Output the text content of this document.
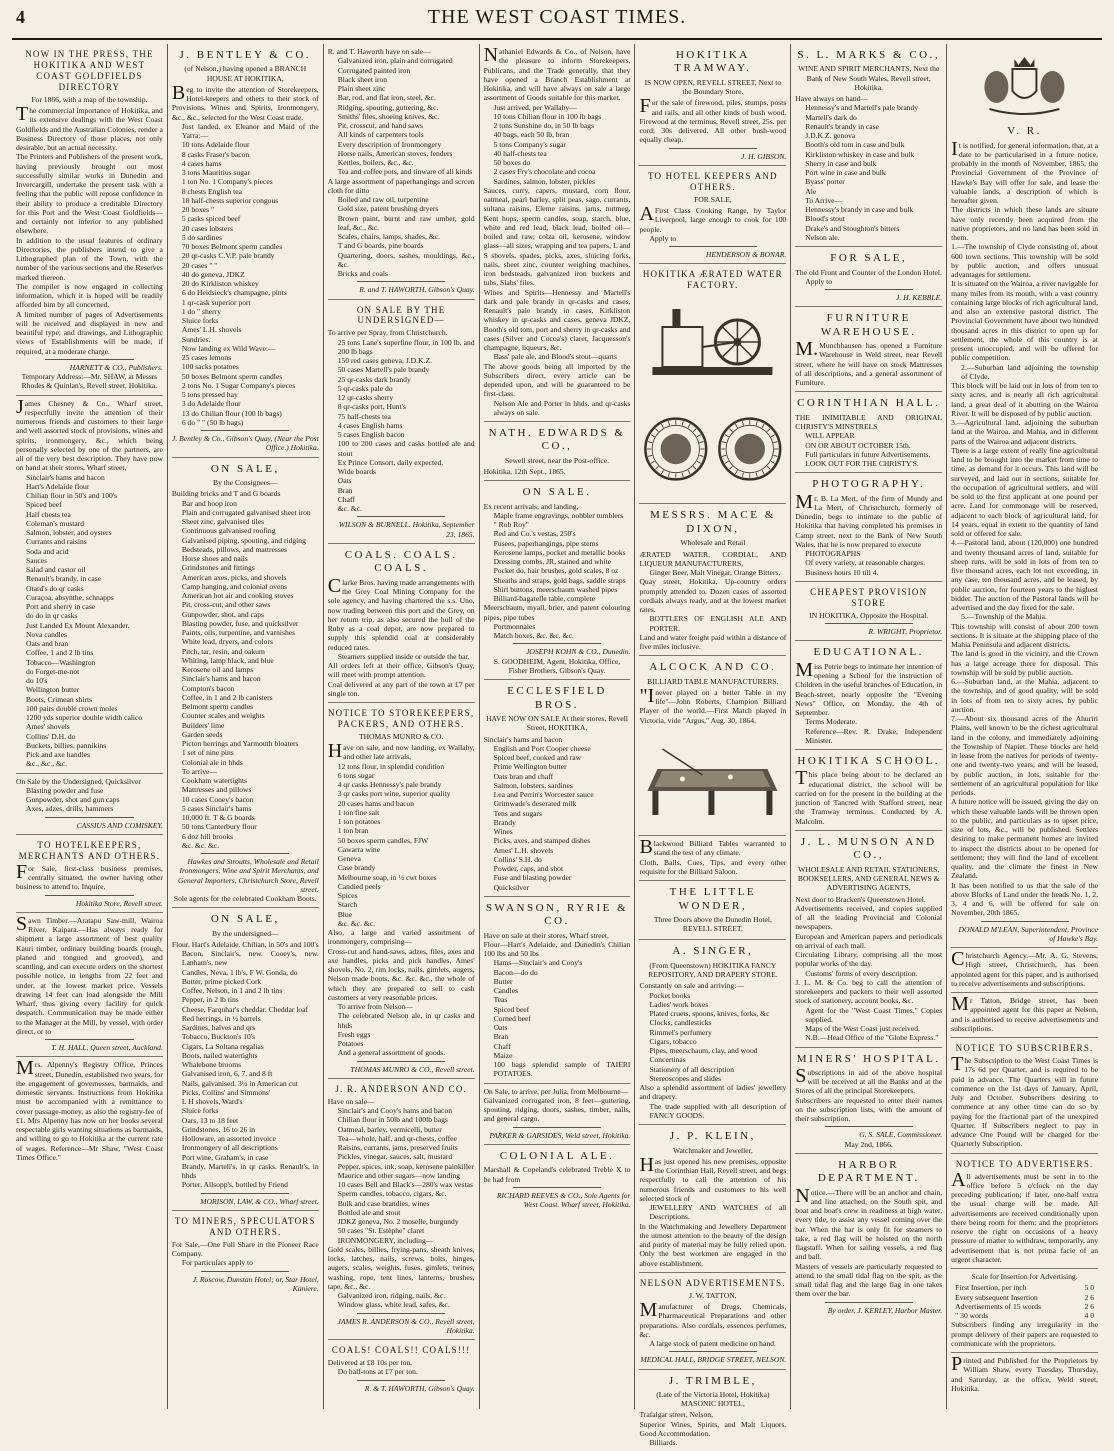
4	THE WEST COAST TIMES.
NOW IN THE PRESS, THE HOKITIKA AND WEST COAST GOLDFIELDS DIRECTORY
For 1866, with a map of the township.
The commercial importance of Hokitika, and its extensive dealings with the West Coast Goldfields and the Australian Colonies, render a Business Directory of those places, not only desirable, but an actual necessity.
The Printers and Publishers of the present work, having previously brought out most successfully similar works in Dunedin and Invercargill, undertake the present task with a feeling that the public will repose confidence in their ability to produce a creditable Directory for this Port and the West Coast Goldfields—and certainly not inferior to any published elsewhere.
In addition to the usual features of ordinary Directories, the publishers intend to give a Lithographed plan of the Town, with the number of the various sections and the Reserves marked thereon.
The compiler is now engaged in collecting information, which it is hoped will be readily afforded him by all concerned.
A limited number of pages of Advertisements will be received and displayed in new and beautiful type; and drawings, and Lithographic views of Establishments will be made, if required, at a moderate charge.
HARNETT & CO., Publishers.
Temporary Address:—Mr. SHAW, at Messrs Rhodes & Quinlan's, Revell street, Hokitika.
James Chesney & Co., Wharf street, respectfully invite the attention of their numerous friends and customers to their large and well assorted stock of provisions, wines and spirits, ironmongery, &c., which being personally selected by one of the partners, are all of the very best description. They have now on hand at their stores, Wharf street,
Sinclair's hams and bacon
Hart's Adelaide flour
Chilian flour in 50's and 100's
Spiced beef
Half chests tea
Coleman's mustard
Salmon, lobster, and oysters
Currants and raisins
Soda and acid
Sauces
Salad and castor oil
Renault's brandy, in case
Otard's do qr casks
Curaçoa, absynthe, schnapps
Port and sherry in case
do do in qr casks
Just Landed Ex Mount Alexander.
Nova candles
Oats and bran
Coffee, 1 and 2 lb tins
Tobacco—Washington
do Forget-me-not
do 10's
Wellington butter
Boots, Crimean shirts
100 pairs double crown moles
1200 yds superior double width calico
Ames' shovels
Collins' D.H. do
Buckets, billies, pannikins
Pick and axe handles
&c., &c., &c.
On Sale by the Undersigned, Quicksilver
Blasting powder and fuse
Gunpowder, shot and gun caps
Axes, adzes, drills, hammers
CASSIUS AND COMISKEY.
TO HOTELKEEPERS, MERCHANTS AND OTHERS.
For Sale, first-class business premises, centrally situated, the owner having other business to attend to. Inquire,
Hokitika Store, Revell street.
Sawn Timber.—Aratapu Saw-mill, Wairoa River, Kaipara.—Has always ready for shipment a large assortment of best quality Kauri timber, ordinary building boards (rough, planed and tongued and grooved), and scantling, and can execute orders on the shortest possible notice, in lengths from 22 feet and under, at the lowest market price. Vessels drawing 14 feet can load alongside the Mill Wharf, thus giving every facility for quick despatch. Communication may be made either to the Manager at the Mill, by vessel, with order direct, or to
T. H. HALL, Queen street, Auckland.
Mrs. Alpenny's Registry Office, Princes street, Dunedin, established two years, for the engagement of governesses, barmaids, and domestic servants. Instructions from Hokitika must be accompanied with a remittance to cover passage-money, as also the registry-fee of £1. Mrs Alpenny has now on her books several respectable girls wanting situations as barmaids, and willing to go to Hokitika at the current rate of wages. Reference—Mr Shaw, "West Coast Times Office."
J. BENTLEY & CO.
(of Nelson,) having opened a BRANCH HOUSE AT HOKITIKA,
Beg to invite the attention of Storekeepers, Hotel-keepers and others to their stock of Provisions, Wines and Spirits, Ironmongery, &c., &c., selected for the West Coast trade.
Just landed, ex Eleanor and Maid of the Yarra:—
10 tons Adelaide flour
8 casks Fraser's bacon
4 cases hams
3 tons Mauritius sugar
1 ton No. 1 Company's pieces
8 chests English tea
18 half-chests superior congous
20 boxes "
5 casks spiced beef
20 cases lobsters
5 do sardines
70 boxes Belmont sperm candles
20 qr-casks C.V.P. pale brandy
20 cases " "
40 do geneva, JDKZ
20 do Kirkliston whiskey
6 do Heidsieck's champagne, pints
1 qr-cask superior port
1 do " sherry
Sluice forks
Ames' L.H. shovels
Sundries.
Now landing ex Wild Wave:—
25 cases lemons
100 sacks potatoes
50 boxes Belmont sperm candles
2 tons No. 1 Sugar Company's pieces
5 tons pressed hay
3 do Adelaide flour
13 do Chilian flour (100 lb bags)
6 do " " (50 lb bags)
J. Bentley & Co., Gibson's Quay, (Near the Post Office.) Hokitika.
ON SALE,
By the Consignees—
Building bricks and T and G boards
Bar and hoop iron
Plain and corrugated galvanised sheet iron
Sheet zinc, galvanised tiles
Continuous galvanised roofing
Galvanised piping, spouting, and ridging
Bedsteads, pillows, and mattresses
Horse shoes and nails
Grindstones and fittings
American axes, picks, and shovels
Camp hanging, and colonial ovens
American hot air and cooking stoves
Pit, cross-cut, and other saws
Gunpowder, shot, and caps
Blasting powder, fuse, and quicksilver
Paints, oils, turpentine, and varnishes
White lead, dryers, and colors
Pitch, tar, resin, and oakum
Whiting, lamp black, and blue
Kerosene oil and lamps
Sinclair's hams and bacon
Compton's bacon
Coffee, in 1 and 2 lb canisters
Belmont sperm candles
Counter scales and weights
Builders' lime
Garden seeds
Picton herrings and Yarmouth bloaters
1 set of nine pins
Colonial ale in hhds
To arrive—
Cookham watertights
Mattresses and pillows
10 cases Cooey's bacon
5 cases Sinclair's hams
10,000 ft. T & G boards
50 tons Canterbury flour
6 doz hill brooks
&c. &c. &c.
Hawkes and Stroutts, Wholesale and Retail Ironmongers, Wine and Spirit Merchants, and General Importers, Christchurch Store, Revell street.
Sole agents for the celebrated Cookham Boots.
ON SALE,
By the undersigned—
Flour, Hart's Adelaide. Chilian, in 50's and 100's
Bacon, Sinclair's, new. Cooey's, new. Lanham's, new
Candles, Neva, 1 lb's, F W. Gonda, do
Butter, prime picked Cork
Coffee, Nelson, in 1 and 2 lb tins
Pepper, in 2 lb tins
Cheese, Farquhar's cheddar. Cheddar loaf
Red herrings, in ½ barrels
Sardines, halves and qrs
Tobacco, Buckton's 10's
Cigars, La Soltana regalias
Boots, nailed watertights
Whalebone brooms
Galvanised iron, 6, 7, and 8 ft
Nails, galvanised. 3½ in American cut
Picks, Collins' and Simmons'
L H shovels, Ward's
Sluice forks
Oars, 13 to 18 feet
Grindstones, 16 to 26 in
Holloware, an assorted invoice
Ironmongery of all descriptions
Port wine, Graham's, in case
Brandy, Martell's, in qr casks. Renault's, in hhds
Porter, Allsopp's, bottled by Friend
MORISON, LAW, & CO., Wharf street.
TO MINERS, SPECULATORS AND OTHERS.
For Sale,—One Full Share in the Pioneer Race Company.
For particulars apply to
J. Roscow, Dunstan Hotel; or, Star Hotel, Kaniere.
R. and T. Haworth have on sale—
Galvanized iron, plain and corrugated
Corrugated painted iron
Black sheet iron
Plain sheet zinc
Bar, rod, and flat iron, steel, &c.
Ridging, spouting, guttering, &c.
Smiths' files, shoeing knives, &c.
Pit, crosscut, and hand saws
All kinds of carpenters tools
Every description of Ironmongery
Horse nails, American stoves, fenders
Kettles, boilers, &c., &c.
Tea and coffee pots, and tinware of all kinds
A large assortment of paperhangings and scrcen cloth for ditto
Boiled and raw oil, turpentine
Gold size, patent brushing dryers
Brown paint, burnt and raw umber, gold leaf, &c., &c.
Scales, chairs, lamps, shades, &c.
T and G boards, pine boards
Quartering, doors, sashes, mouldings, &c., &c.
Bricks and coals
R. and T. HAWORTH, Gibson's Quay.
ON SALE BY THE UNDERSIGNED—
To arrive per Spray, from Christchurch.
25 tons Lane's superfine flour, in 100 lb. and 200 lb bags
150 red cases geneva, J.D.K.Z.
50 cases Martell's pale brandy
25 qr-casks dark brandy
5 qr-casks pale do
12 qr-casks sherry
8 qr-casks port, Hunt's
75 half-chests tea
4 cases English hams
5 cases English bacon
100 to 200 cases and casks bottled ale and stout
Ex Prince Consort, daily expected.
Wide boards
Oats
Bran
Chaff
&c. &c.
WILSON & BURNELL. Hokitika, September 23, 1865.
COALS. COALS. COALS.
Clarke Bros. having made arrangements with the Grey Coal Mining Company for the sole agency, and having chartered the s.s. Uno, now trading between this port and the Grey, on her return trip, as also secured the hull of the Ruby as a coal depot, are now prepared to supply this splendid coal at considerably reduced rates.
Steamers supplied inside or outside the bar.
All orders left at their office, Gibson's Quay, will meet with prompt attention.
Coal delivered at any part of the town at £7 per single ton.
NOTICE TO STOREKEEPERS, PACKERS, AND OTHERS.
THOMAS MUNRO & CO.
Have on sale, and now landing, ex Wallaby, and other late arrivals,
12 tons flour, in splendid condition
6 tons sugar
4 qr casks Hennessy's pale brandy
3 qr casks port wine, superior quality
20 cases hams and bacon
1 ton fine salt
1 ton potatoes
1 ton bran
50 boxes sperm candles, FJW
Cawarra wine
Geneva
Case brandy
Melbourne soap, in ½ cwt boxes
Candied peels
Spices
Starch
Blue
&c. &c. &c.
Also, a large and varied assortment of ironmongery, comprising—
Cross-cut and hand-saws, adzes, files, axes and axe handles, picks and pick handles, Ames' shovels, No. 2, rim locks, nails, gimlets, augers, Nelson made boots, &c. &c. &c., the whole of which they are prepared to sell to cash customers at very reasonable prices.
To arrive from Nelson—
The celebrated Nelson ale, in qr casks and hhds
Fresh eggs
Potatoes
And a general assortment of goods.
THOMAS MUNRO & CO., Revell street.
J. R. ANDERSON AND CO.
Have on sale—
Sinclair's and Cooy's hams and bacon
Chilian flour in 50lb and 100lb bags
Oatmeal, barley, vermicelli, butter
Tea—whole, half, and qr-chests, coffee
Raisins, currants, jams, preserved fruits
Pickles, vinegar, sauces, salt, mustard
Pepper, spices, ink, soap, kerosene painkiller
Maurice and other sugars—now landing
10 cases Bell and Black's—280's wax vestas
Sperm candles, tobacco, cigars, &c.
Bulk and case brandies, wines
Bottled ale and stout
JDKZ geneva, No. 2 moselle, burgundy
50 cases "St. Estèphe" claret
IRONMONGERY, including—
Gold scales, billies, frying-pans, sheath knives, locks, latches, nails, screws, bolts, hinges, augers, scales, weights, fuses, gimlets, twines, washing, rope, tent lines, lanterns, brushes, tape, &c., &c.
Galvanized iron, ridging, nails, &c.
Window glass, white lead, safes, &c.
JAMES R. ANDERSON & CO., Revell street, Hokitika.
COALS! COALS!! COALS!!!
Delivered at £8 10s per ton.
Do half-tons at £7 per ton.
R. & T. HAWORTH, Gibson's Quay.
Nathaniel Edwards & Co., of Nelson, have the pleasure to inform Storekeepers, Publicans, and the Trade generally, that they have opened a Branch Establishment at Hokitika, and will have always on sale a large assortment of Goods suitable for this market.
Just arrived, per Wallaby—
10 tons Chilian flour in 100 lb bags
2 tons Sunshine do, in 50 lb bags
40 bags, each 50 lb, bran
5 tons Company's sugar
40 half-chests tea
50 boxes do
2 cases Fry's chocolate and cocoa
Sardines, salmon, lobster, pickles
Sauces, curry, capers, mustard, corn flour, oatmeal, pearl barley, split peas, sago, currants, sultana raisins, Eleme raisins, jams, nutmeg, Kent hops, sperm candles, soap, starch, blue, white and red lead, black lead, boiled oil—boiled and raw, colza oil, kerosene, window glass—all sizes, wrapping and tea papers, L and S shovels, spades, picks, axes, sluicing forks, nails, sheet zinc, counter weighing machines, iron bedsteads, galvanized iron buckets and tubs, Slabs' files.
Wines and Spirits—Hennessy and Martell's dark and pale brandy in qr-casks and cases, Renault's pale brandy in cases, Kirkliston whiskey in qr-casks and cases, geneva JDKZ, Booth's old tom, port and sherry in qr-casks and cases (Silver and Cocoa's) claret, Jacquesson's champagne, liqueurs, &c.
Bass' pale ale, and Blood's stout—quarts
The above goods being all imported by the Subscribers direct, every article can be depended upon, and will be guaranteed to be first-class.
Nelson Ale and Porter in hhds. and qr-casks always on sale.
NATH. EDWARDS & CO.,
Sewell street, near the Post-office.
Hokitika, 12th Sept., 1865.
ON SALE.
Ex recent arrivals, and landing,
Maple frame engravings, nobbler tumblers
" Rob Roy"
Red and Co.'s vestas, 250's
Fusees, paperhangings, pipe stems
Kerosene lamps, pocket and metallic books
Dressing combs, JR, stained and white
Pocket do, hair brushes, gold scales, 8 oz
Sheaths and straps, gold bags, saddle straps
Shirt buttons, meerschaum washed pipes
Billiard-bagatelle table, complete
Meerschaum, myall, brier, and patent colouring pipes, pipe tubes
Portmonnaies
Match boxes, &c. &c. &c.
JOSEPH KOHN & CO., Dunedin.
S. GOODHEIM, Agent, Hokitika, Office, Fisher Brothers, Gibson's Quay.
ECCLESFIELD BROS.
HAVE NOW ON SALE At their stores, Revell Street, HOKITIKA,
Sinclair's hams and bacon
English and Port Cooper cheese
Spiced beef, cooked and raw
Prime Wellington butter
Oats bran and chaff
Salmon, lobsters, sardines
Lea and Perrin's Worcester sauce
Grimwade's deserated milk
Tens and sugars
Brandy
Wines
Picks, axes, and stamped dishes
Ames' L.H. shovels
Collins' S.H. do
Powder, caps, and shot
Fuse and blasting powder
Quicksilver
SWANSON, RYRIE & CO.
Have on sale at their stores, Wharf street,
Flour—Hart's Adelaide, and Dunedin's Chilian 100 lbs and 50 lbs
Hams—Sinclair's and Cooy's
Bacon—do do
Butter
Candles
Teas
Spiced beef
Corned beef
Oats
Bran
Chaff
Maize
100 bags splendid sample of TAIERI POTATOES.
On Sale, to arrive, per Julia, from Melbourne—
Galvanized corrugated iron, 8 feet—guttering, spouting, ridging, doors, sashes, timber, nails, and general cargo.
PARKER & GARSIDES, Weld street, Hokitika.
COLONIAL ALE.
Marshall & Copeland's celebrated Treble X to be had from
RICHARD REEVES & CO., Sole Agents for West Coast. Wharf street, Hokitika.
HOKITIKA TRAMWAY.
IS NOW OPEN, REVELL STREET, Next to the Boundary Store.
For the sale of firewood, piles, stumps, posts and rails, and all other kinds of bush wood. Firewood at the terminus, Revell street, 25s. per cord; 30s delivered. All other bush-wood equally cheap.
J. H. GIBSON.
TO HOTEL KEEPERS AND OTHERS.
FOR SALE,
AFirst Class Cooking Range, by Taylor Liverpool, large enough to cook for 100 people.
Apply to
HENDERSON & BONAR.
HOKITIKA ÆRATED WATER FACTORY.
MESSRS. MACE & DIXON,
Wholesale and Retail
ÆRATED WATER, CORDIAL, AND LIQUEUR MANUFACTURERS,
Ginger Beer, Malt Vinegar, Orange Bitters,
Quay street, Hokitika, Up-country orders promptly attended to. Dozen cases of assorted cordials always ready, and at the lowest market rates.
BOTTLERS OF ENGLISH ALE AND PORTER.
Land and water freight paid within a distance of five miles inclusive.
ALCOCK AND CO.
BILLIARD TABLE MANUFACTURERS.
"Inever played on a better Table in my life"—John Roberts, Champion Billiard Player of the world.—First Match played in Victoria, vide "Argus," Aug. 30, 1864.
Blackwood Billiard Tables warranted to stand the test of any climate.
Cloth, Balls, Cues, Tips, and every other requisite for the Billiard Saloon.
THE LITTLE WONDER,
Three Doors above the Dunedin Hotel, REVELL STREET.
A. SINGER,
(From Queenstown) HOKITIKA FANCY REPOSITORY, AND DRAPERY STORE.
Constantly on sale and arriving:—
Pocket books
Ladies' work boxes
Plated cruets, spoons, knives, forks, &c
Clocks, candlesticks
Rimmel's perfumery
Cigars, tobacco
Pipes, meerschaum, clay, and wood
Concertinas
Stationery of all description
Stereoscopes and slides
Also a splendid assortment of ladies' jewellery and drapery.
The trade supplied with all description of FANCY GOODS.
J. P. KLEIN,
Watchmaker and Jeweller,
Has just opened his new premises, opposite the Corinthian Hall, Revell street, and begs respectfully to call the attention of his numerous friends and customers to his well selected stock of
JEWELLERY AND WATCHES of all Descriptions.
In the Watchmaking and Jewellery Department the utmost attention to the beauty of the design and purity of material may be fully relied upon. Only the best workmen are engaged in the above establishment.
NELSON ADVERTISEMENTS.
J. W. TATTON,
Manufacturer of Drugs, Chemicals, Pharmaceutical Preparations and other preparations. Also cordials, essences perfumes, &c.
A large stock of patent medicine on hand.
MEDICAL HALL, BRIDGE STREET, NELSON.
J. TRIMBLE,
(Late of the Victoria Hotel, Hokitika) MASONIC HOTEL,
Trafalgar street, Nelson,
Superior Wines, Spirits, and Malt Liquors. Good Accommodation.
Billiards.
S. L. MARKS & CO.,
WINE AND SPIRIT MERCHANTS, Next the Bank of New South Wales, Revell street, Hokitika.
Have always on hand—
Hennessy's and Martell's pale brandy
Martell's dark do
Renault's brandy in case
J.D.K.Z. genova
Booth's old tom in case and bulk
Kirkliston whiskey in case and bulk
Sherry in case and bulk
Port wine in case and bulk
Byass' porter
Ale
To Arrive—
Hennessy's brandy in case and bulk
Blood's stout
Drake's and Stoughton's bitters
Nelson ale.
FOR SALE,
The old Front and Counter of the London Hotel.
Apply to
J. H. KEBBLE.
FURNITURE WAREHOUSE.
M.Munchhausen has opened a Furniture Warehouse in Weld street, near Revell street, where he will have on stock Mattresses of all descriptions, and a general assortment of Furniture.
CORINTHIAN HALL.
THE INIMITABLE AND ORIGINAL CHRISTY'S MINSTRELS
WILL APPEAR
ON OR ABOUT OCTOBER 15th.
Full particulars in future Advertisements.
LOOK OUT FOR THE CHRISTY'S.
PHOTOGRAPHY.
Mr. B. La Mert, of the firm of Mundy and La Mert, of Christchurch, formerly of Dunedin, begs to intimate to the public of Hokitika that having completed his premises in Camp street, next to the Bank of New South Wales, that he is now prepared to execute
PHOTOGRAPHS
Of every variety, at reasonable charges.
Business hours 10 till 4.
CHEAPEST PROVISION STORE
IN HOKITIKA, Opposite the Hospital.
R. WRIGHT, Proprietor.
EDUCATIONAL.
Miss Petrie begs to intimate her intention of opening a School for the instruction of Children in the useful branches of Education, in Beach-street, nearly opposite the "Evening News" Office, on Monday, the 4th of September.
Terms Moderate.
Reference—Rev. R. Drake, Independent Minister.
HOKITIKA SCHOOL.
This place being about to be declared an educational district, the school will be carried on for the present in the building at the junction of Tancred with Stafford street, near the Tramway terminus. Conducted by A. Malcolm.
J. L. MUNSON AND CO.,
WHOLESALE AND RETAIL STATIONERS, BOOKSELLERS, AND GENERAL NEWS & ADVERTISING AGENTS,
Next door to Bracken's Queenstown Hotel.
Advertisements received, and copies supplied of all the leading Provincial and Colonial newspapers.
European and American papers and periodicals on arrival of each mail.
Circulating Library, comprising all the most popular works of the day.
Customs' forms of every description.
J. L. M. & Co. beg to call the attention of storekeepers and packers to their well assorted stock of stationery, account books, &c.
Agent for the "West Coast Times." Copies supplied.
Maps of the West Coast just received.
N.B.—Head Office of the "Globe Express."
MINERS' HOSPITAL.
Subscriptions in aid of the above hospital will be received at all the Banks and at the Stores of all the principal Storekeepers.
Subscribers are requested to enter their names on the subscription lists, with the amount of their subscription.
G. S. SALE, Commissioner.
May 2nd, 1866.
HARBOR DEPARTMENT.
Notice.—There will be an anchor and chain, and line attached, on the South spit, and boat and boat's crew in readiness at high water, every tide, to assist any vessel coming over the bar. When the bar is only fit for steamers to take, a red flag will be hoisted on the north flagstaff. When for sailing vessels, a red flag and ball.
Masters of vessels are particularly requested to attend to the small tidal flag on the spit, as the small tidal flag and the large flag in one takes them over the bar.
By order, J. KERLEY, Harbor Master.
V. R.
It is notified, for general information, that, at a date to be particularised in a future notice, probably in the month of November, 1865, the Provincial Government of the Province of Hawke's Bay will offer for sale, and lease the valuable lands, a description of which is hereafter given.
The districts in which these lands are situate have only recently been acquired from the native proprietors, and no land has been sold in them.
1.—The township of Clyde consisting of, about 600 town sections. This township will be sold by public auction, and offers unusual advantages for settlement.
It is situated on the Wairoa, a river navigable for many miles from its mouth, with a vast country containing large blocks of rich agricultural land, and also an extensive pastoral district. The Provincial Government have about two hundred thousand acres in this district to open up for settlement, the whole of this country is at present unoccupied, and will be offered for public competition.
2.—Suburban land adjoining the township of Clyde.
This block will be laid out in lots of from ten to sixty acres, and is nearly all rich agricultural land, a great deal of it abutting on the Wairoa River. It will be disposed of by public auction.
3.—Agricultural land, adjoining the suburban land at the Wairoa, and Mahia, and in different parts of the Wairoa and adjacent districts.
There is a large extent of really fine agricultural land to be brought into the market from time to time, as demand for it occurs. This land will be surveyed, and laid out in sections, suitable for the occupation of agricultural settlers, and will be sold to the first applicant at one pound per acre. Land for commonage will be reserved, adjacent to each block of agricultural land, for 14 years, equal in extent to the quantity of land sold or offered for sale.
4.—Pastoral land, about (120,000) one hundred and twenty thousand acres of land, suitable for sheep runs, will be sold in lots of from ten to five thousand acres, each lot not exceeding, in any case, ten thousand acres, and be leased, by public auction, for fourteen years to the highest bidder. The auction of the Pastoral lands will be advertised and the day fixed for the sale.
5.—Township of the Mahia.
This township will consist of about 200 town sections. It is situate at the shipping place of the Mahia Peninsula and adjacent districts.
The land is good in the vicinity, and the Crown has a large acreage there for disposal. This township will be sold by public auction.
6.—Suburban land, at the Mahia, adjacent to the township, and of good quality, will be sold in lots of from ten to sixty acres, by public auction.
7.—About six thousand acres of the Ahuriri Plains, well known to be the richest agricultural land in the colony, and immediately adjoining the Township of Napier. These blocks are held in lease from the natives for periods of twenty-one and twenty-two years, and will be leased, by public auction, in lots, suitable for the settlement of an agricultural population for like periods.
A future notice will be issued, giving the day on which these valuable lands will be thrown open to the public, and particulars as to upset price, size of lots, &c., will be published. Settlers desiring to make permanent homes are invited to inspect the districts about to be opened for settlement; they will find the land of excellent quality, and the climate the finest in New Zealand.
It has been notified to us that the sale of the above Blocks of Land under the heads No. 1, 2, 3, 4 and 6, will be offered for sale on November, 20th 1865.
DONALD M'LEAN, Superintendent, Province of Hawke's Bay.
Christchurch Agency.—Mr. A. G. Stevens, High street, Christchurch, has been appointed agent for this paper, and is authorised to receive advertisements and subscriptions.
Mr Tatton, Bridge street, has been appointed agent for this paper at Nelson, and is authorised to receive advertisements and subscriptions.
NOTICE TO SUBSCRIBERS.
The Subscription to the West Coast Times is 17s 6d per Quarter, and is required to be paid in advance. The Quarters will in future commence on the 1st days of January, April, July and October. Subscribers desiring to commence at any other time can do so by paying for the fractional part of the unexpired Quarter. If Subscribers neglect to pay in advance One Pound will be charged for the Quarterly Subscription.
NOTICE TO ADVERTISERS.
All advertisements must be sent in to the office before 5 o'clock on the day preceding publication; if later, one-half extra the usual charge will be made. All advertisements are received conditionally upon there being room for them; and the proprietors reserve the right on occasions of a heavy pressure of matter to withdraw, temporarily, any advertisement that is not prima facie of an urgent character.
Scale for Insertion for Advertising.
First Insertion, per inch	5 0
Every subsequent Insertion	2 6
Advertisements of 15 words	2 6
" 30 words	4 0
Subscribers finding any irregularity in the prompt delivery of their papers are requested to communicate with the proprietors.
Printed and Published for the Proprietors by William Shaw, every Tuesday, Thursday, and Saturday, at the office, Weld street, Hokitika.
